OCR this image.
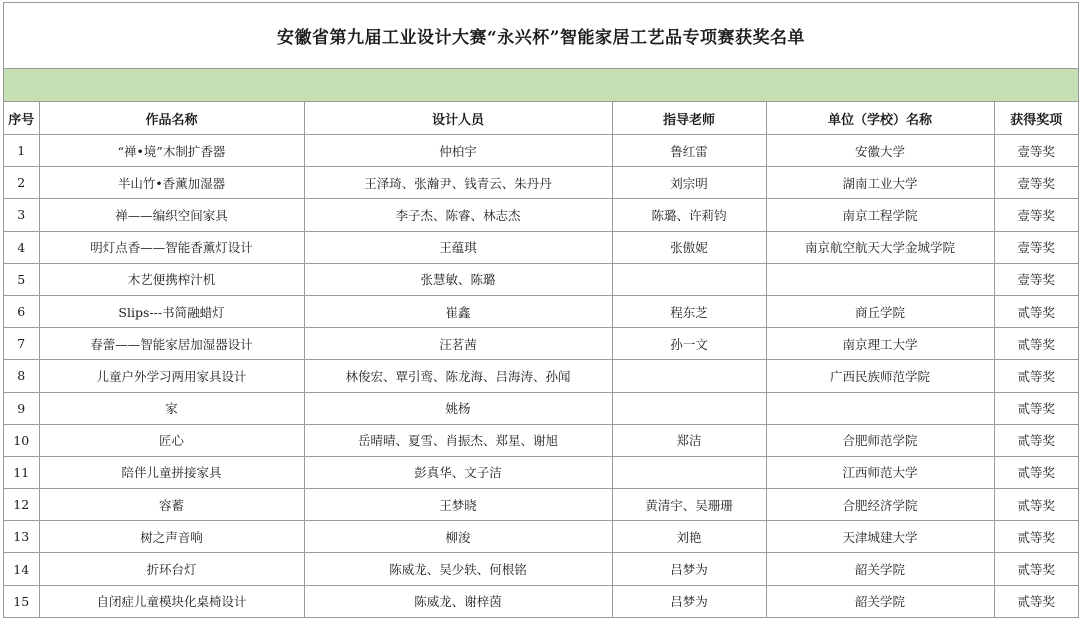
安徽省第九届工业设计大赛“永兴杯”智能家居工艺品专项赛获奖名单
序号	作品名称	设计人员	指导老师	单位（学校）名称	获得奖项
1	“禅•境”木制扩香器	仲柏宇	鲁红雷	安徽大学	壹等奖
2	半山竹•香薰加湿器	王泽琦、张瀚尹、钱青云、朱丹丹	刘宗明	湖南工业大学	壹等奖
3	禅——编织空间家具	李子杰、陈睿、林志杰	陈璐、许莉钧	南京工程学院	壹等奖
4	明灯点香——智能香薰灯设计	王蕴琪	张傲妮	南京航空航天大学金城学院	壹等奖
5	木艺便携榨汁机	张慧敏、陈璐			壹等奖
6	Slips---书简融蜡灯	崔鑫	程东芝	商丘学院	贰等奖
7	春蕾——智能家居加湿器设计	汪茗茜	孙一文	南京理工大学	贰等奖
8	儿童户外学习两用家具设计	林俊宏、覃引鸾、陈龙海、吕海涛、孙闻		广西民族师范学院	贰等奖
9	家	姚杨			贰等奖
10	匠心	岳晴晴、夏雪、肖振杰、郑星、谢旭	郑洁	合肥师范学院	贰等奖
11	陪伴儿童拼接家具	彭真华、文子洁		江西师范大学	贰等奖
12	容蓄	王梦晓	黄清宇、吴珊珊	合肥经济学院	贰等奖
13	树之声音响	柳浚	刘艳	天津城建大学	贰等奖
14	折环台灯	陈威龙、吴少轶、何根铭	吕梦为	韶关学院	贰等奖
15	自闭症儿童模块化桌椅设计	陈威龙、谢梓茵	吕梦为	韶关学院	贰等奖
